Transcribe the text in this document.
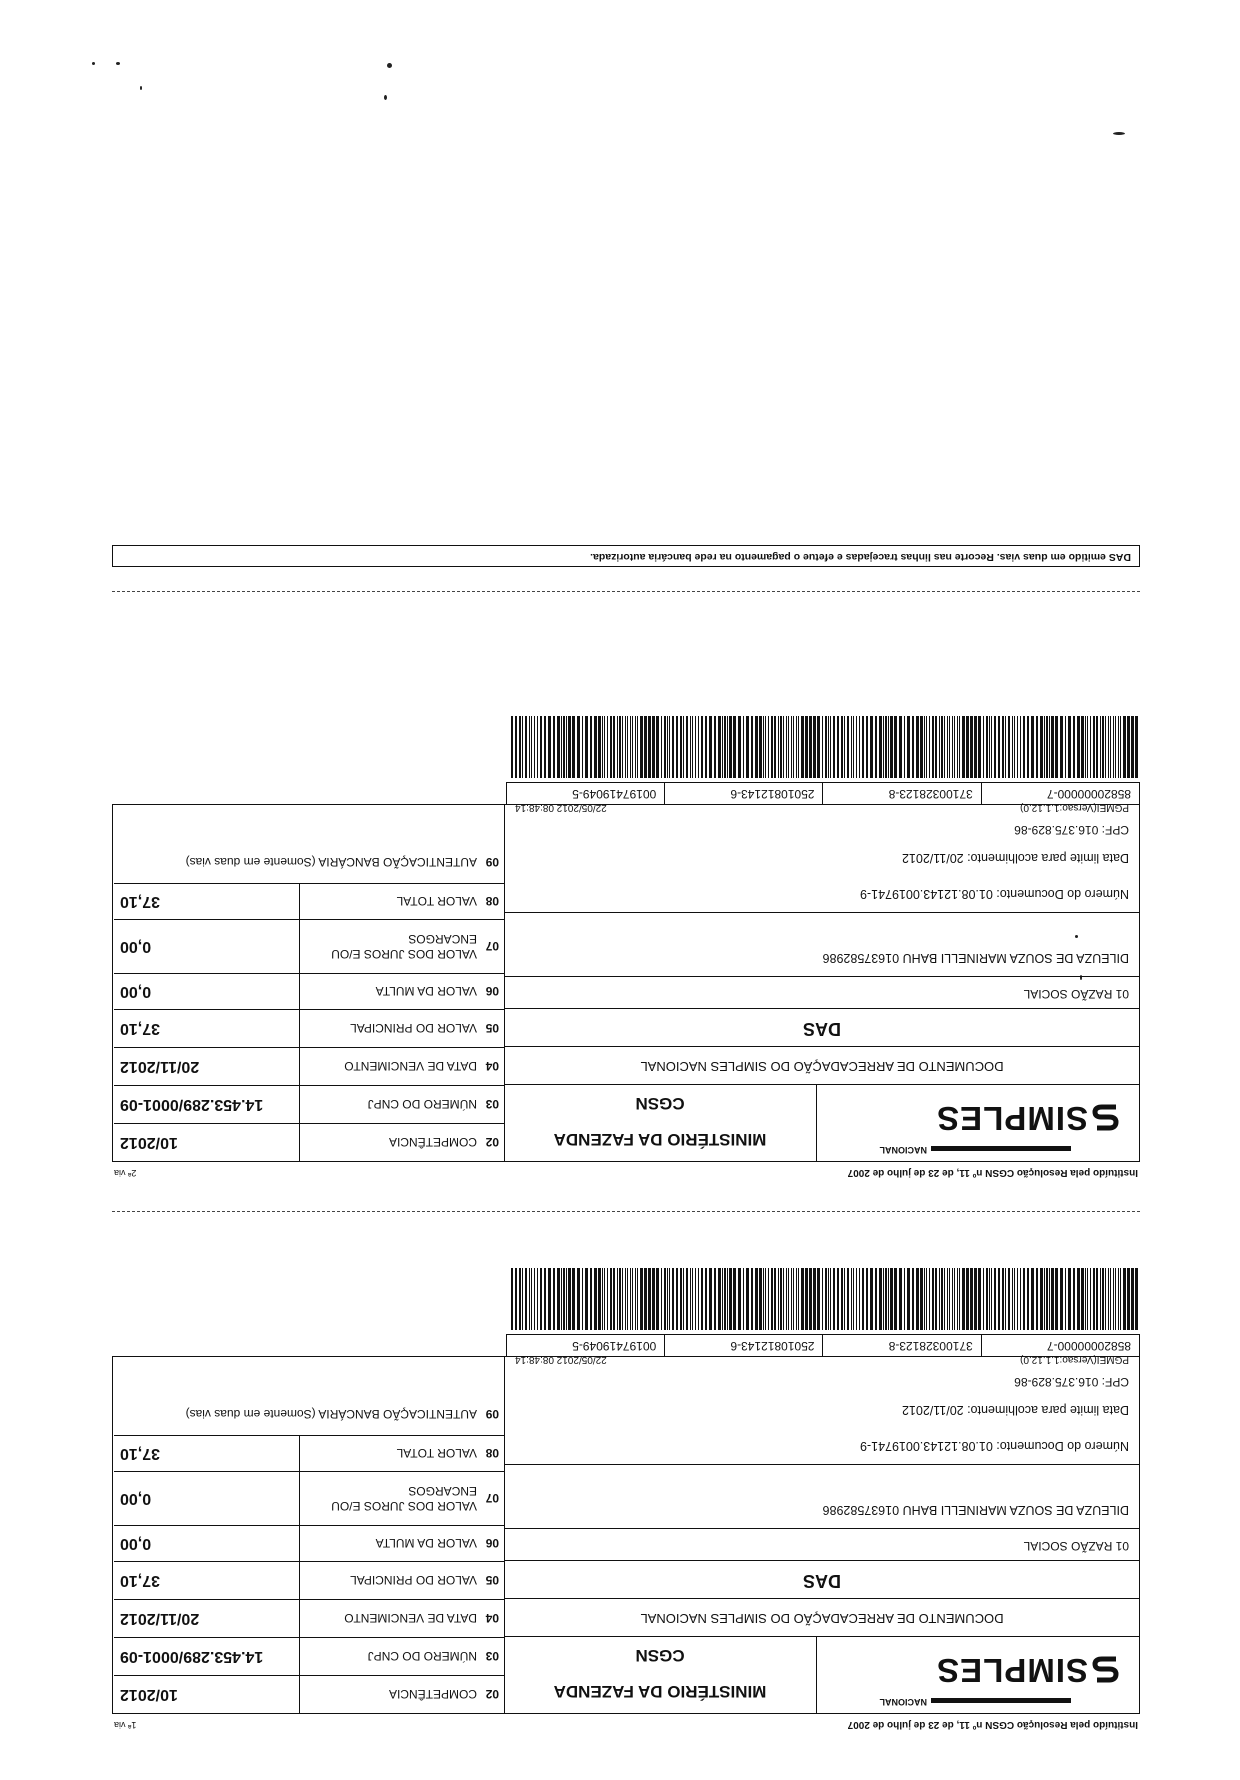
Instituído pela Resolução CGSN nº 11, de 23 de julho de 2007
1ª via
NACIONAL
SIMPLES
MINISTÉRIO DA FAZENDA
CGSN
DOCUMENTO DE ARRECADAÇÃO DO SIMPLES NACIONAL
DAS
01 RAZÃO SOCIAL
DILEUZA DE SOUZA MARINELLI BAHU 01637582986
Número do Documento: 01.08.12143.0019741-9
Data limite para acolhimento: 20/11/2012
CPF: 016.375.829-86
PGMEI(Versao:1.1.12.0)
22/05/2012 08:48:14
02
COMPETÊNCIA
10/2012
03
NÚMERO DO CNPJ
14.453.289/0001-09
04
DATA DE VENCIMENTO
20/11/2012
05
VALOR DO PRINCIPAL
37,10
06
VALOR DA MULTA
0,00
07
VALOR DOS JUROS E/OU ENCARGOS
0,00
08
VALOR TOTAL
37,10
09
AUTENTICAÇÃO BANCÁRIA (Somente em duas vias)
85820000000-7
37100328123-8
25010812143-6
00197419049-5
Instituído pela Resolução CGSN nº 11, de 23 de julho de 2007
2ª via
NACIONAL
SIMPLES
MINISTÉRIO DA FAZENDA
CGSN
DOCUMENTO DE ARRECADAÇÃO DO SIMPLES NACIONAL
DAS
01 RAZÃO SOCIAL
DILEUZA DE SOUZA MARINELLI BAHU 01637582986
Número do Documento: 01.08.12143.0019741-9
Data limite para acolhimento: 20/11/2012
CPF: 016.375.829-86
PGMEI(Versao:1.1.12.0)
22/05/2012 08:48:14
02
COMPETÊNCIA
10/2012
03
NÚMERO DO CNPJ
14.453.289/0001-09
04
DATA DE VENCIMENTO
20/11/2012
05
VALOR DO PRINCIPAL
37,10
06
VALOR DA MULTA
0,00
07
VALOR DOS JUROS E/OU ENCARGOS
0,00
08
VALOR TOTAL
37,10
09
AUTENTICAÇÃO BANCÁRIA (Somente em duas vias)
85820000000-7
37100328123-8
25010812143-6
00197419049-5
DAS emitido em duas vias. Recorte nas linhas tracejadas e efetue o pagamento na rede bancária autorizada.
